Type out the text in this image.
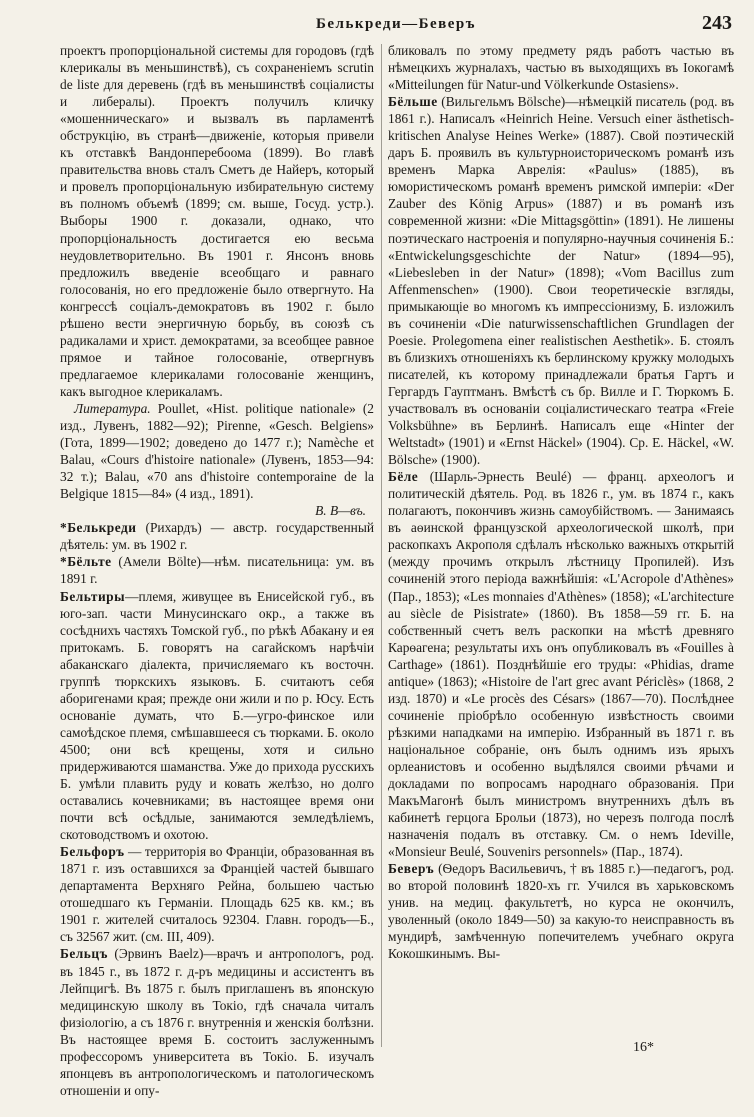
Белькреди—Беверъ	243

проектъ пропорціональной системы для городовъ (гдѣ клерикалы въ меньшинствѣ), съ сохраненіемъ scrutin de liste для деревень (гдѣ въ меньшинствѣ соціалисты и либералы). Проектъ получилъ кличку «мошенническаго» и вызвалъ въ парламентѣ обструкцію, въ странѣ—движеніе, которыя привели къ отставкѣ Вандонперебоома (1899). Во главѣ правительства вновь сталъ Сметъ де Найеръ, который и провелъ пропорціональную избирательную систему въ полномъ объемѣ (1899; см. выше, Госуд. устр.). Выборы 1900 г. доказали, однако, что пропорціональность достигается ею весьма неудовлетворительно. Въ 1901 г. Янсонъ вновь предложилъ введеніе всеобщаго и равнаго голосованія, но его предложеніе было отвергнуто. На конгрессѣ соціалъ-демократовъ въ 1902 г. было рѣшено вести энергичную борьбу, въ союзѣ съ радикалами и христ. демократами, за всеобщее равное прямое и тайное голосованіе, отвергнувъ предлагаемое клерикалами голосованіе женщинъ, какъ выгодное клерикаламъ.

Литература. Poullet, «Hist. politique nationale» (2 изд., Лувенъ, 1882—92); Pirenne, «Gesch. Belgiens» (Гота, 1899—1902; доведено до 1477 г.); Namèche et Balau, «Cours d'histoire nationale» (Лувенъ, 1853—94: 32 т.); Balau, «70 ans d'histoire contemporaine de la Belgique 1815—84» (4 изд., 1891).

В. В—въ.

*Белькреди (Рихардъ) — австр. государственный дѣятель: ум. въ 1902 г.

*Бёльте (Амели Bölte)—нѣм. писательница: ум. въ 1891 г.

Бельтиры—племя, живущее въ Енисейской губ., въ юго-зап. части Минусинскаго окр., а также въ сосѣднихъ частяхъ Томской губ., по рѣкѣ Абакану и ея притокамъ. Б. говорятъ на сагайскомъ нарѣчіи абаканскаго діалекта, причисляемаго къ восточн. группѣ тюркскихъ языковъ. Б. считаютъ себя аборигенами края; прежде они жили и по р. Юсу. Есть основаніе думать, что Б.—угро-финское или самоѣдское племя, смѣшавшееся съ тюрками. Б. около 4500; они всѣ крещены, хотя и сильно придерживаются шаманства. Уже до прихода русскихъ Б. умѣли плавить руду и ковать желѣзо, но долго оставались кочевниками; въ настоящее время они почти всѣ осѣдлые, занимаются земледѣліемъ, скотоводствомъ и охотою.

Бельфоръ — территорія во Франціи, образованная въ 1871 г. изъ оставшихся за Франціей частей бывшаго департамента Верхняго Рейна, большею частью отошедшаго къ Германіи. Площадь 625 кв. км.; въ 1901 г. жителей считалось 92304. Главн. городъ—Б., съ 32567 жит. (см. III, 409).

Бельцъ (Эрвинъ Baelz)—врачъ и антропологъ, род. въ 1845 г., въ 1872 г. д-ръ медицины и ассистентъ въ Лейпцигѣ. Въ 1875 г. былъ приглашенъ въ японскую медицинскую школу въ Токіо, гдѣ сначала читалъ физіологію, а съ 1876 г. внутреннія и женскія болѣзни. Въ настоящее время Б. состоитъ заслуженнымъ профессоромъ университета въ Токіо. Б. изучалъ японцевъ въ антропологическомъ и патологическомъ отношеніи и опу-

бликовалъ по этому предмету рядъ работъ частью въ нѣмецкихъ журналахъ, частью въ выходящихъ въ Іокогамѣ «Mitteilungen für Natur-und Völkerkunde Ostasiens».

Бёльше (Вильгельмъ Bölsche)—нѣмецкій писатель (род. въ 1861 г.). Написалъ «Heinrich Heine. Versuch einer ästhetisch-kritischen Analyse Heines Werke» (1887). Свой поэтическій даръ Б. проявилъ въ культурноисторическомъ романѣ изъ временъ Марка Аврелія: «Paulus» (1885), въ юмористическомъ романѣ временъ римской имперіи: «Der Zauber des König Arpus» (1887) и въ романѣ изъ современной жизни: «Die Mittagsgöttin» (1891). Не лишены поэтическаго настроенія и популярно-научныя сочиненія Б.: «Entwickelungsgeschichte der Natur» (1894—95), «Liebesleben in der Natur» (1898); «Vom Bacillus zum Affenmenschen» (1900). Свои теоретическіе взгляды, примыкающіе во многомъ къ импрессіонизму, Б. изложилъ въ сочиненіи «Die naturwissenschaftlichen Grundlagen der Poesie. Prolegomena einer realistischen Aesthetik». Б. стоялъ въ близкихъ отношеніяхъ къ берлинскому кружку молодыхъ писателей, къ которому принадлежали братья Гартъ и Гергардъ Гауптманъ. Вмѣстѣ съ бр. Вилле и Г. Тюркомъ Б. участвовалъ въ основаніи соціалистическаго театра «Freie Volksbühne» въ Берлинѣ. Написалъ еще «Hinter der Weltstadt» (1901) и «Ernst Häckel» (1904). Ср. E. Häckel, «W. Bölsche» (1900).

Бёле (Шарль-Эрнесть Beulé) — франц. археологъ и политическій дѣятель. Род. въ 1826 г., ум. въ 1874 г., какъ полагаютъ, покончивъ жизнь самоубійствомъ. — Занимаясь въ аѳинской французской археологической школѣ, при раскопкахъ Акрополя сдѣлалъ нѣсколько важныхъ открытій (между прочимъ открылъ лѣстницу Пропилей). Изъ сочиненій этого періода важнѣйшія: «L'Acropole d'Athènes» (Пар., 1853); «Les monnaies d'Athènes» (1858); «L'architecture au siècle de Pisistrate» (1860). Въ 1858—59 гг. Б. на собственный счетъ велъ раскопки на мѣстѣ древняго Карѳагена; результаты ихъ онъ опубликовалъ въ «Fouilles à Carthage» (1861). Позднѣйшіе его труды: «Phidias, drame antique» (1863); «Histoire de l'art grec avant Périclès» (1868, 2 изд. 1870) и «Le procès des Césars» (1867—70). Послѣднее сочиненіе пріобрѣло особенную извѣстность своими рѣзкими нападками на имперію. Избранный въ 1871 г. въ національное собраніе, онъ былъ однимъ изъ ярыхъ орлеанистовъ и особенно выдѣлялся своими рѣчами и докладами по вопросамъ народнаго образованія. При МакъМагонѣ былъ министромъ внутреннихъ дѣлъ въ кабинетѣ герцога Брольи (1873), но черезъ полгода послѣ назначенія подалъ въ отставку. См. о немъ Ideville, «Monsieur Beulé, Souvenirs personnels» (Пар., 1874).

Беверъ (Ѳедоръ Васильевичъ, † въ 1885 г.)—педагогъ, род. во второй половинѣ 1820-хъ гг. Учился въ харьковскомъ унив. на медиц. факультетѣ, но курса не окончилъ, уволенный (около 1849—50) за какую-то неисправность въ мундирѣ, замѣченную попечителемъ учебнаго округа Кокошкинымъ. Вы-

16*
